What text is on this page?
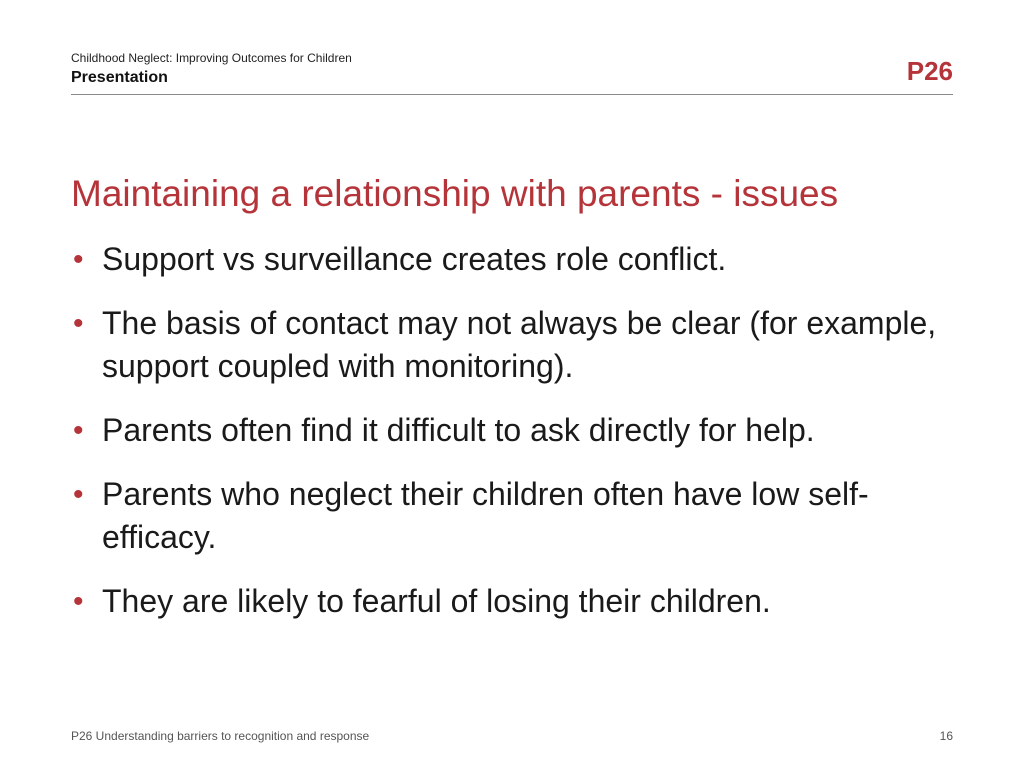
Childhood Neglect: Improving Outcomes for Children
Presentation	P26
Maintaining a relationship with parents - issues
• Support vs surveillance creates role conflict.
• The basis of contact may not always be clear (for example, support coupled with monitoring).
• Parents often find it difficult to ask directly for help.
• Parents who neglect their children often have low self-efficacy.
• They are likely to fearful of losing their children.
P26 Understanding barriers to recognition and response	16
